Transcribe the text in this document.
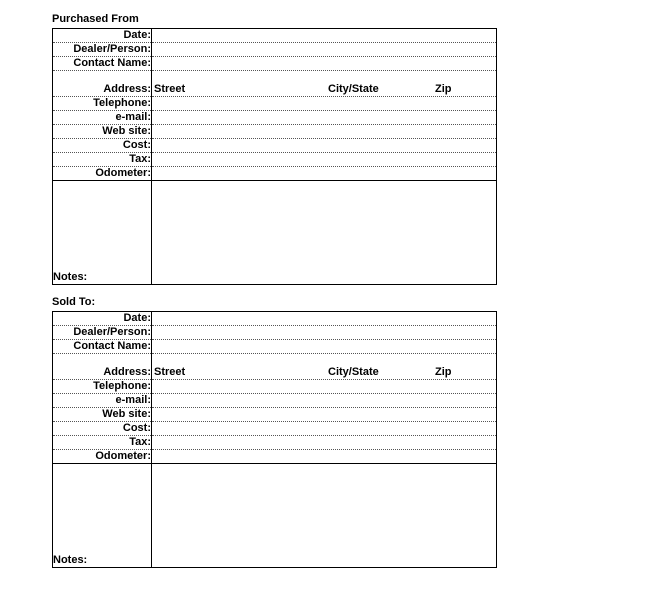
Purchased From
Date:	
Dealer/Person:	
Contact Name:	
Address:	Street City/State Zip

Telephone:	
e-mail:	
Web site:	
Cost:	
Tax:	
Odometer:	
Notes:	
Sold To:
Date:	
Dealer/Person:	
Contact Name:	
Address:	Street City/State Zip

Telephone:	
e-mail:	
Web site:	
Cost:	
Tax:	
Odometer:	
Notes:	
